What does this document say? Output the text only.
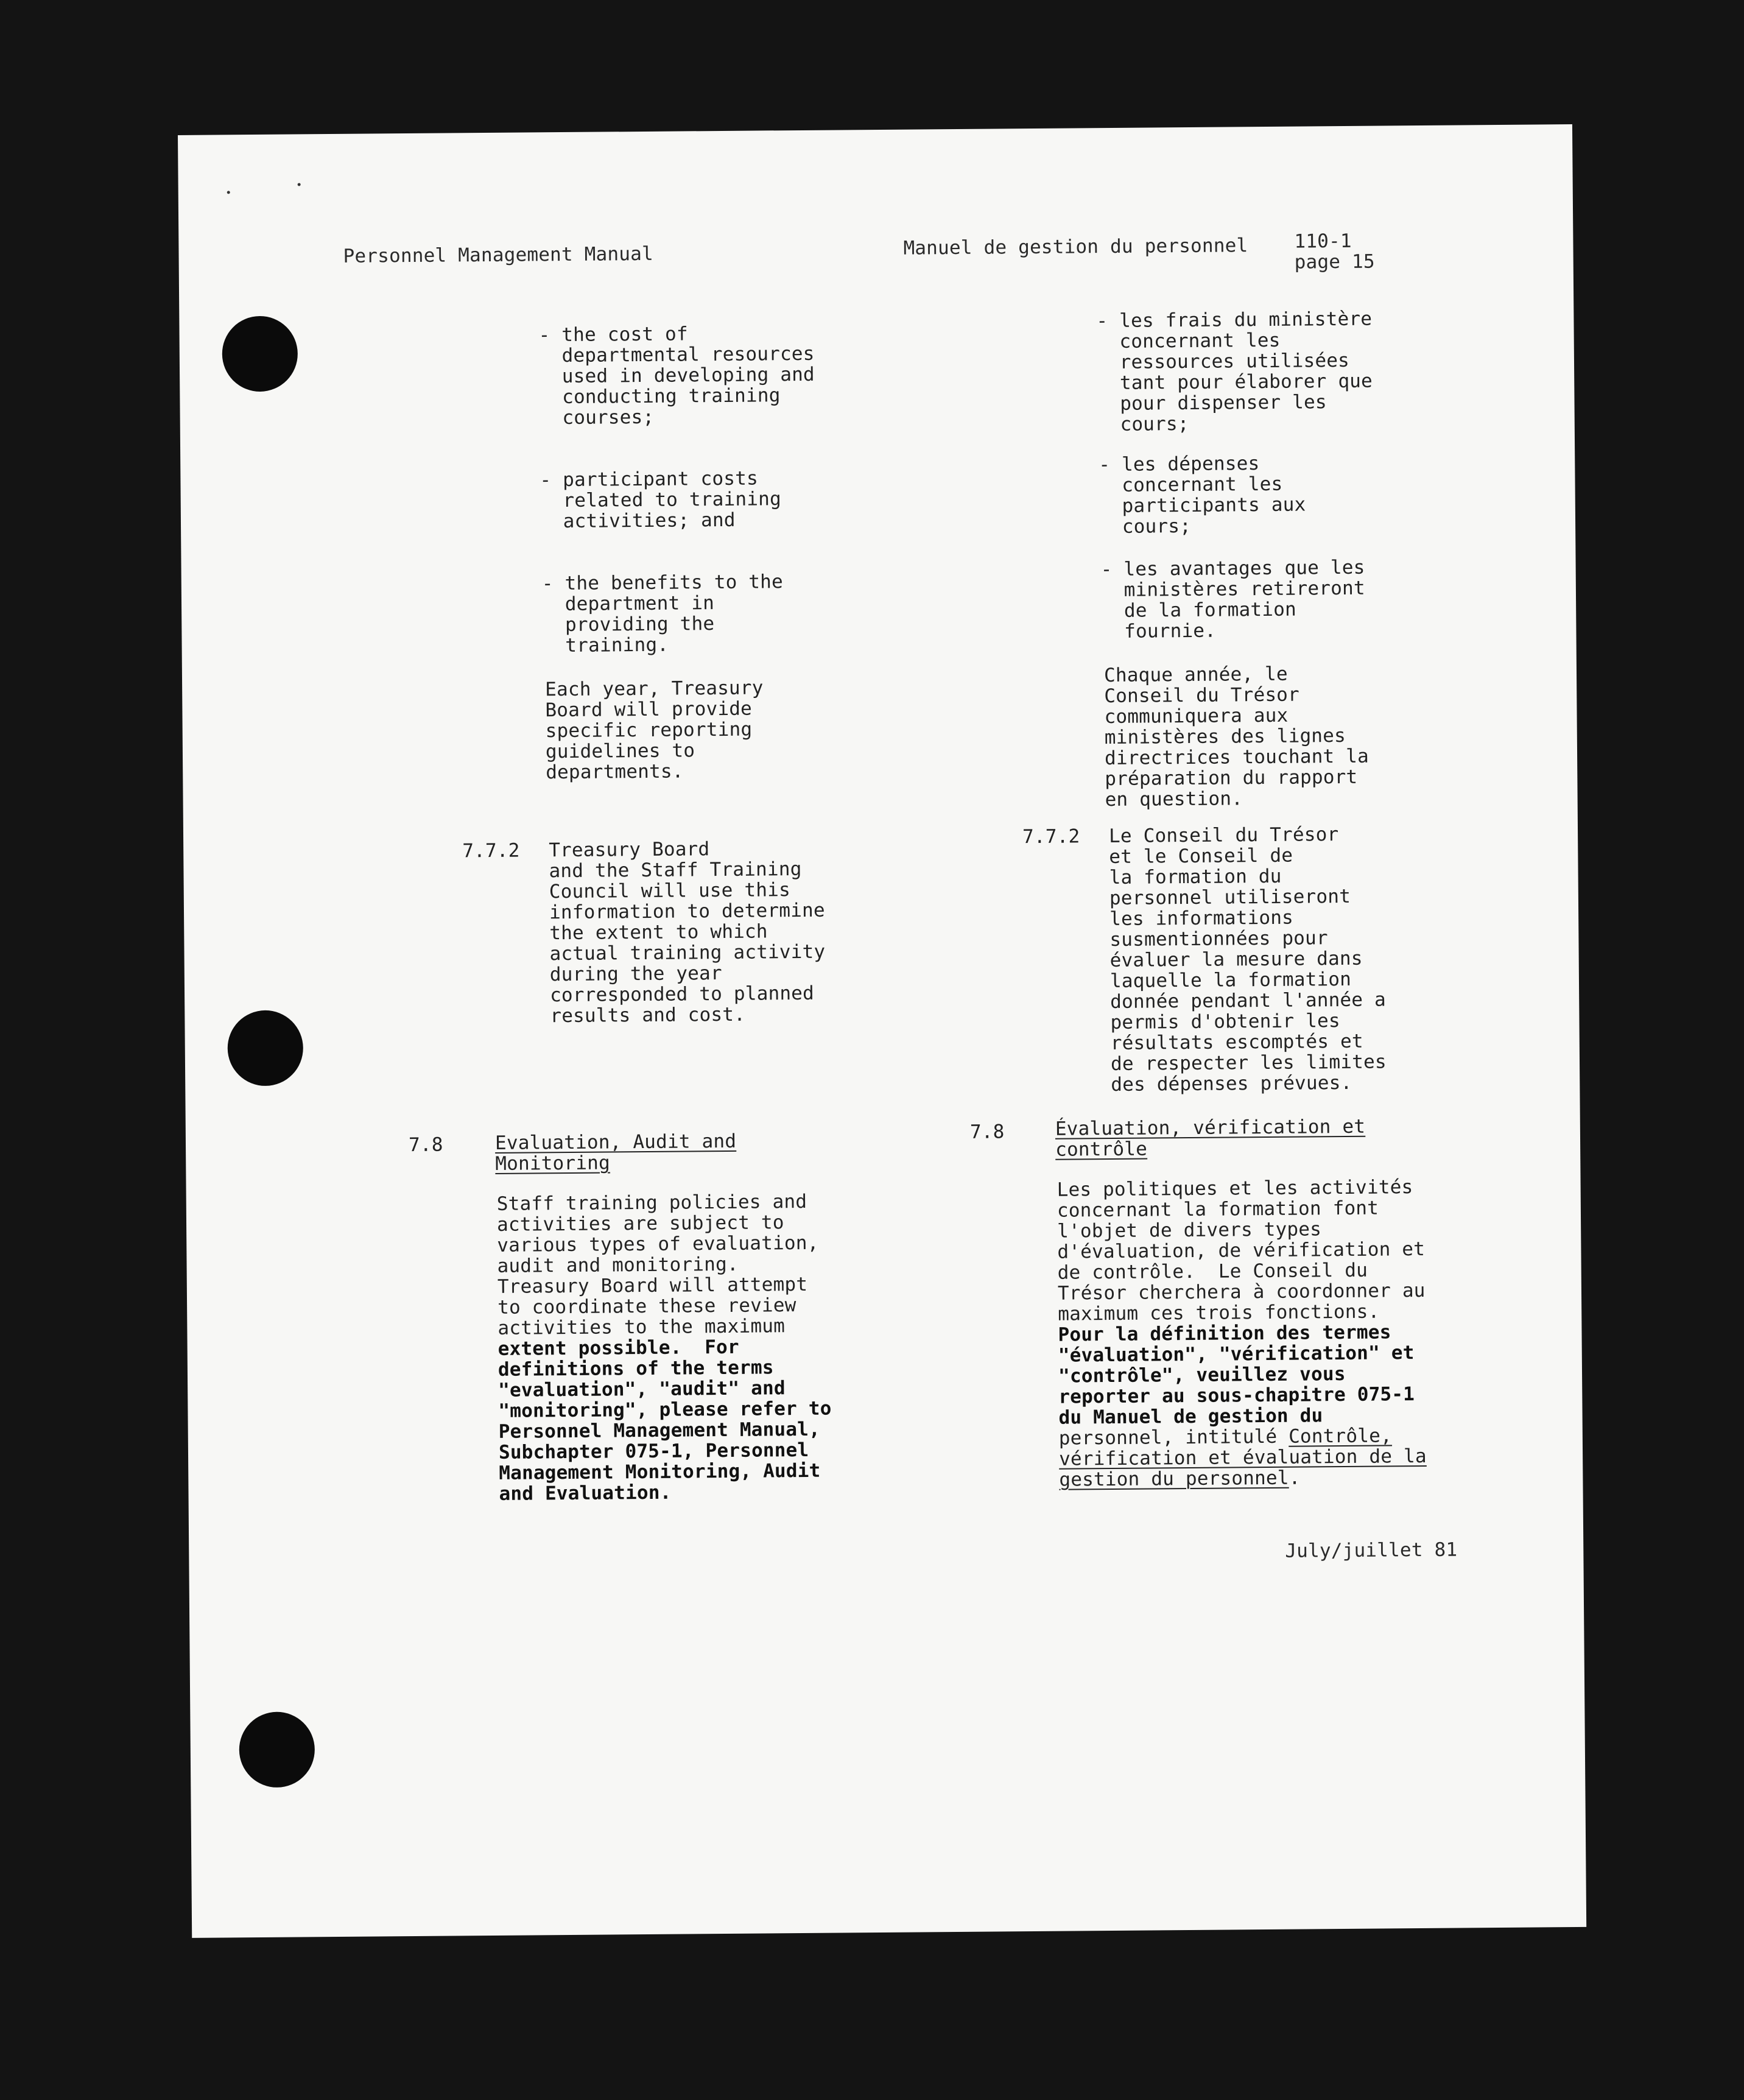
Personnel Management Manual	Manuel de gestion du personnel 110-1
page 15
- the cost of
departmental resources
used in developing and
conducting training
courses;
- participant costs
related to training
activities; and
- the benefits to the
department in
providing the
training.
Each year, Treasury
Board will provide
specific reporting
guidelines to
departments.
7.7.2 Treasury Board
and the Staff Training
Council will use this
information to determine
the extent to which
actual training activity
during the year
corresponded to planned
results and cost.
7.8	Evaluation, Audit and
Monitoring
Staff training policies and
activities are subject to
various types of evaluation,
audit and monitoring.
Treasury Board will attempt
to coordinate these review
activities to the maximum
extent possible.  For
definitions of the terms
"evaluation", "audit" and
"monitoring", please refer to
Personnel Management Manual,
Subchapter 075-1, Personnel
Management Monitoring, Audit
and Evaluation.
- les frais du ministère
concernant les
ressources utilisées
tant pour élaborer que
pour dispenser les
cours;
- les dépenses
concernant les
participants aux
cours;
- les avantages que les
ministères retireront
de la formation
fournie.
Chaque année, le
Conseil du Trésor
communiquera aux
ministères des lignes
directrices touchant la
préparation du rapport
en question.
7.7.2 Le Conseil du Trésor
et le Conseil de
la formation du
personnel utiliseront
les informations
susmentionnées pour
évaluer la mesure dans
laquelle la formation
donnée pendant l'année a
permis d'obtenir les
résultats escomptés et
de respecter les limites
des dépenses prévues.
7.8	Évaluation, vérification et
contrôle
Les politiques et les activités
concernant la formation font
l'objet de divers types
d'évaluation, de vérification et
de contrôle.  Le Conseil du
Trésor cherchera à coordonner au
maximum ces trois fonctions.
Pour la définition des termes
"évaluation", "vérification" et
"contrôle", veuillez vous
reporter au sous-chapitre 075-1
du Manuel de gestion du
personnel, intitulé Contrôle,
vérification et évaluation de la
gestion du personnel.
July/juillet 81
